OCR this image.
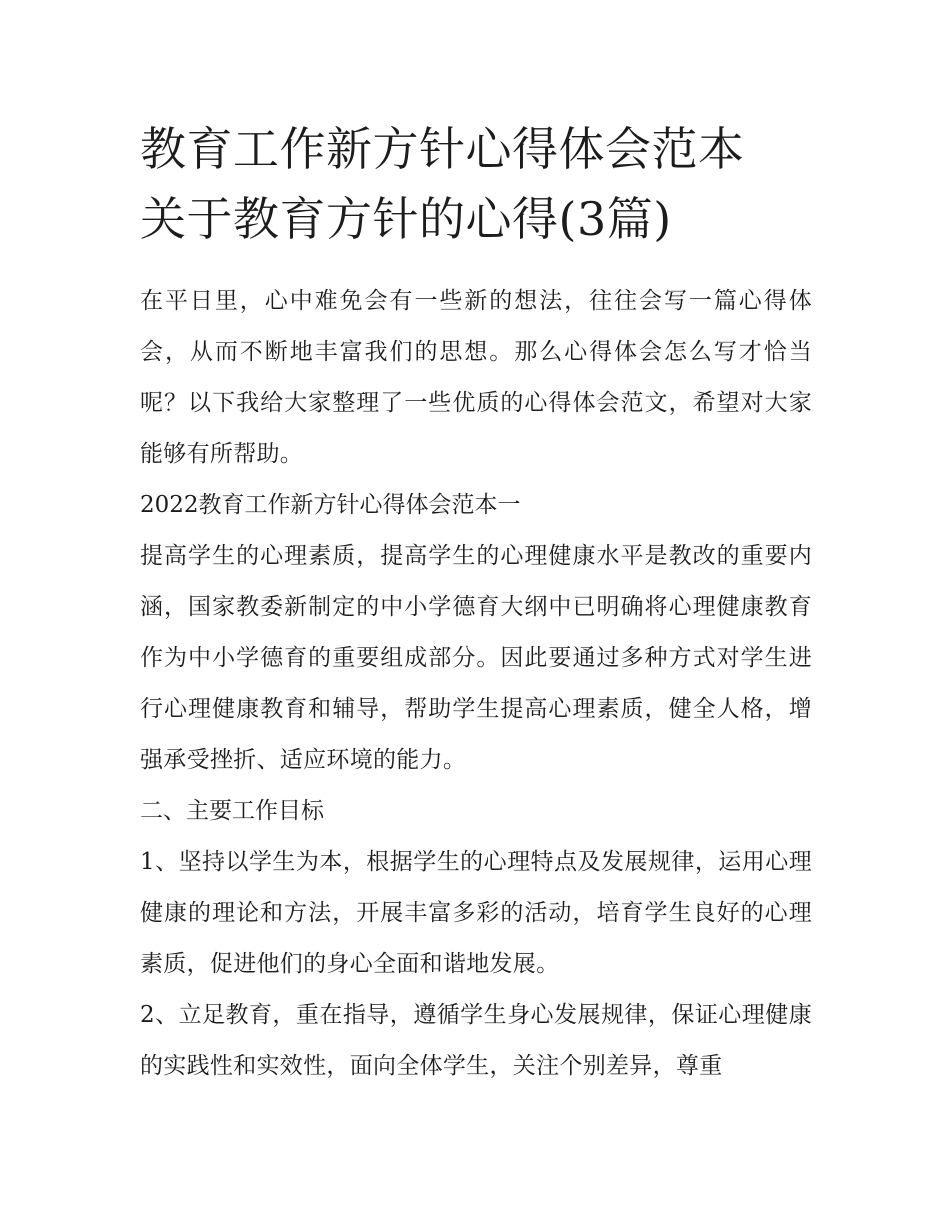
教育工作新方针心得体会范本
关于教育方针的心得(3篇)

在平日里，心中难免会有一些新的想法，往往会写一篇心得体会，从而不断地丰富我们的思想。那么心得体会怎么写才恰当呢？以下我给大家整理了一些优质的心得体会范文，希望对大家能够有所帮助。

2022教育工作新方针心得体会范本一

提高学生的心理素质，提高学生的心理健康水平是教改的重要内涵，国家教委新制定的中小学德育大纲中已明确将心理健康教育作为中小学德育的重要组成部分。因此要通过多种方式对学生进行心理健康教育和辅导，帮助学生提高心理素质，健全人格，增强承受挫折、适应环境的能力。

二、主要工作目标

1、坚持以学生为本，根据学生的心理特点及发展规律，运用心理健康的理论和方法，开展丰富多彩的活动，培育学生良好的心理素质，促进他们的身心全面和谐地发展。

2、立足教育，重在指导，遵循学生身心发展规律，保证心理健康的实践性和实效性，面向全体学生，关注个别差异，尊重
